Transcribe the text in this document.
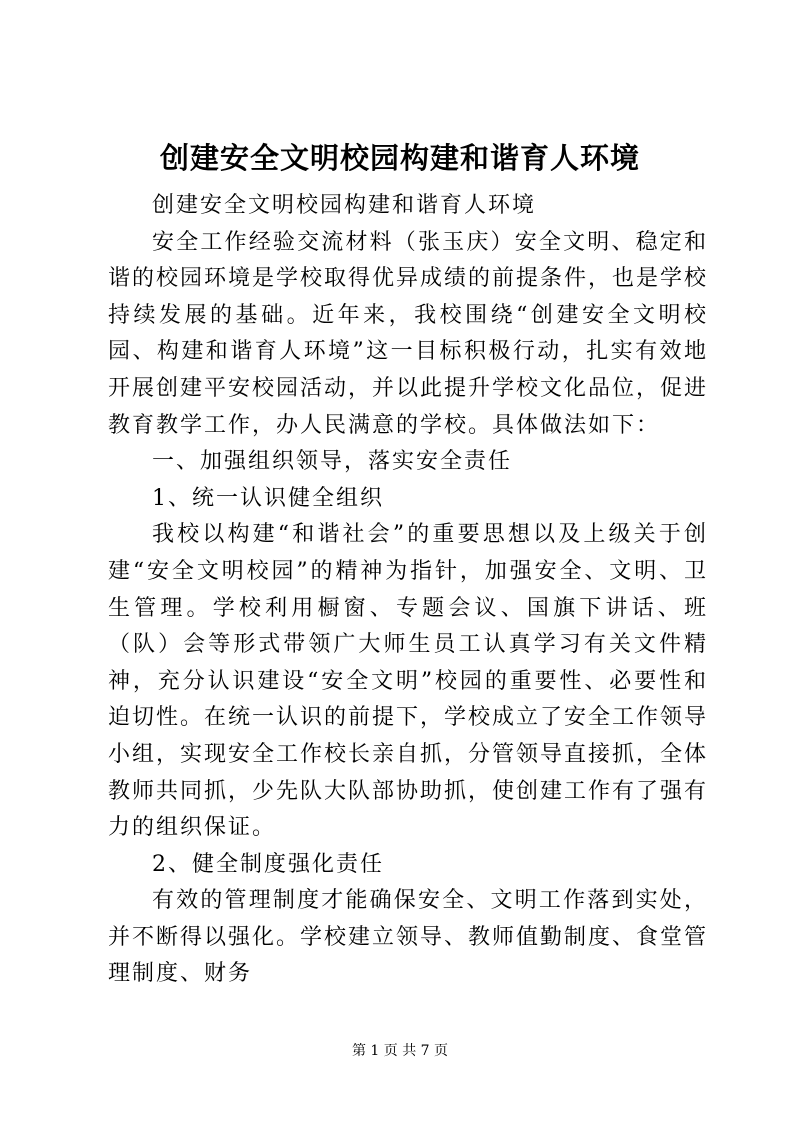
创建安全文明校园构建和谐育人环境

创建安全文明校园构建和谐育人环境

安全工作经验交流材料（张玉庆）安全文明、稳定和谐的校园环境是学校取得优异成绩的前提条件，也是学校持续发展的基础。近年来，我校围绕“创建安全文明校园、构建和谐育人环境”这一目标积极行动，扎实有效地开展创建平安校园活动，并以此提升学校文化品位，促进教育教学工作，办人民满意的学校。具体做法如下：

一、加强组织领导，落实安全责任

1、统一认识健全组织

我校以构建“和谐社会”的重要思想以及上级关于创建“安全文明校园”的精神为指针，加强安全、文明、卫生管理。学校利用橱窗、专题会议、国旗下讲话、班（队）会等形式带领广大师生员工认真学习有关文件精神，充分认识建设“安全文明”校园的重要性、必要性和迫切性。在统一认识的前提下，学校成立了安全工作领导小组，实现安全工作校长亲自抓，分管领导直接抓，全体教师共同抓，少先队大队部协助抓，使创建工作有了强有力的组织保证。

2、健全制度强化责任

有效的管理制度才能确保安全、文明工作落到实处，并不断得以强化。学校建立领导、教师值勤制度、食堂管理制度、财务

第 1 页 共 7 页
